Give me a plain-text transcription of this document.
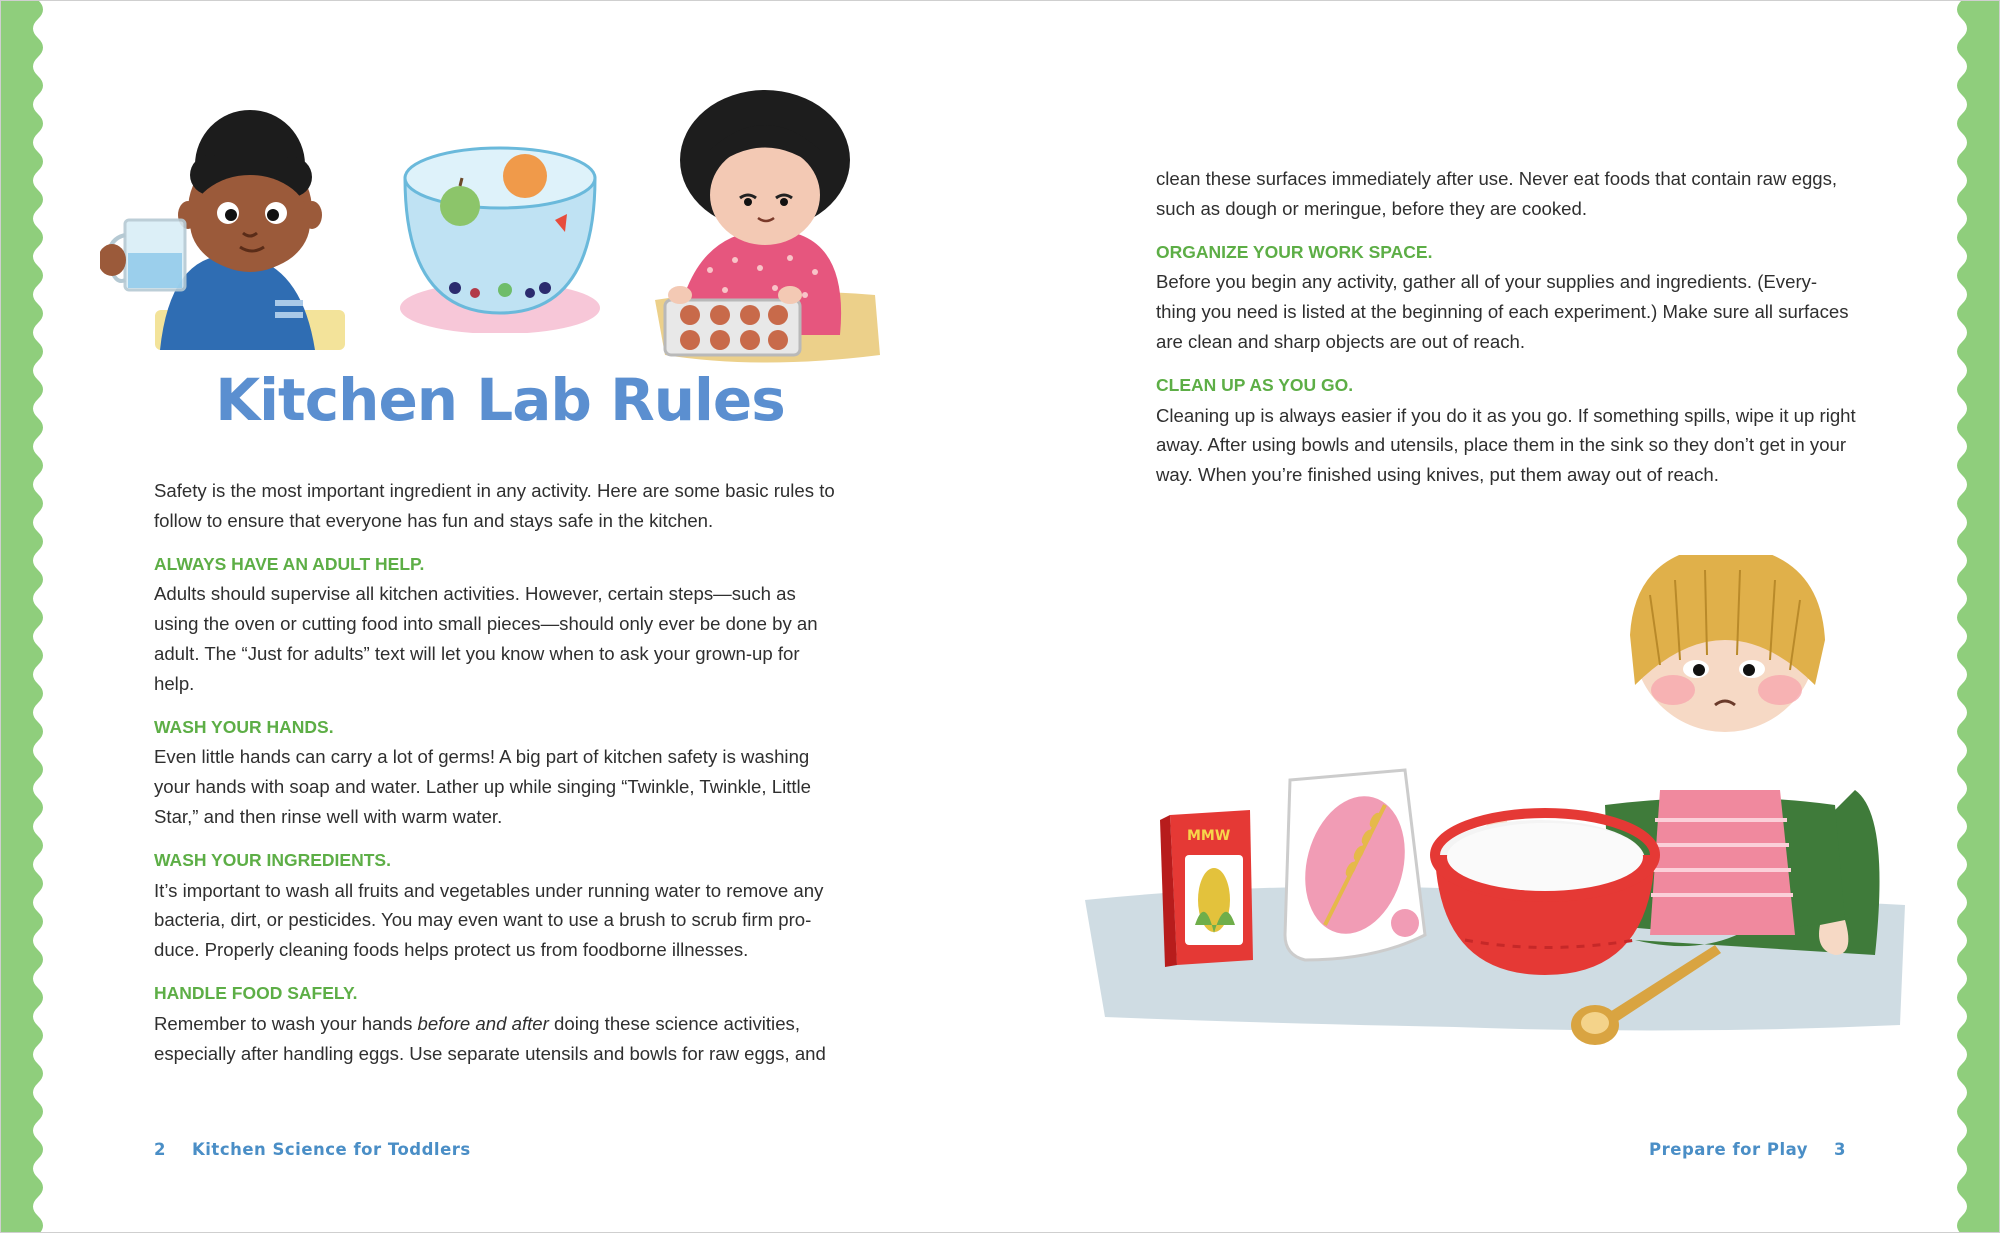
Kitchen Lab Rules

Safety is the most important ingredient in any activity. Here are some basic rules to follow to ensure that everyone has fun and stays safe in the kitchen.

ALWAYS HAVE AN ADULT HELP.
Adults should supervise all kitchen activities. However, certain steps—such as using the oven or cutting food into small pieces—should only ever be done by an adult. The “Just for adults” text will let you know when to ask your grown-up for help.

WASH YOUR HANDS.
Even little hands can carry a lot of germs! A big part of kitchen safety is washing your hands with soap and water. Lather up while singing “Twinkle, Twinkle, Little Star,” and then rinse well with warm water.

WASH YOUR INGREDIENTS.
It’s important to wash all fruits and vegetables under running water to remove any bacteria, dirt, or pesticides. You may even want to use a brush to scrub firm pro-duce. Properly cleaning foods helps protect us from foodborne illnesses.

HANDLE FOOD SAFELY.
Remember to wash your hands before and after doing these science activities, especially after handling eggs. Use separate utensils and bowls for raw eggs, and

clean these surfaces immediately after use. Never eat foods that contain raw eggs, such as dough or meringue, before they are cooked.

ORGANIZE YOUR WORK SPACE.
Before you begin any activity, gather all of your supplies and ingredients. (Every-thing you need is listed at the beginning of each experiment.) Make sure all surfaces are clean and sharp objects are out of reach.

CLEAN UP AS YOU GO.
Cleaning up is always easier if you do it as you go. If something spills, wipe it up right away. After using bowls and utensils, place them in the sink so they don’t get in your way. When you’re finished using knives, put them away out of reach.

MMW
2 Kitchen Science for Toddlers	Prepare for Play 3
